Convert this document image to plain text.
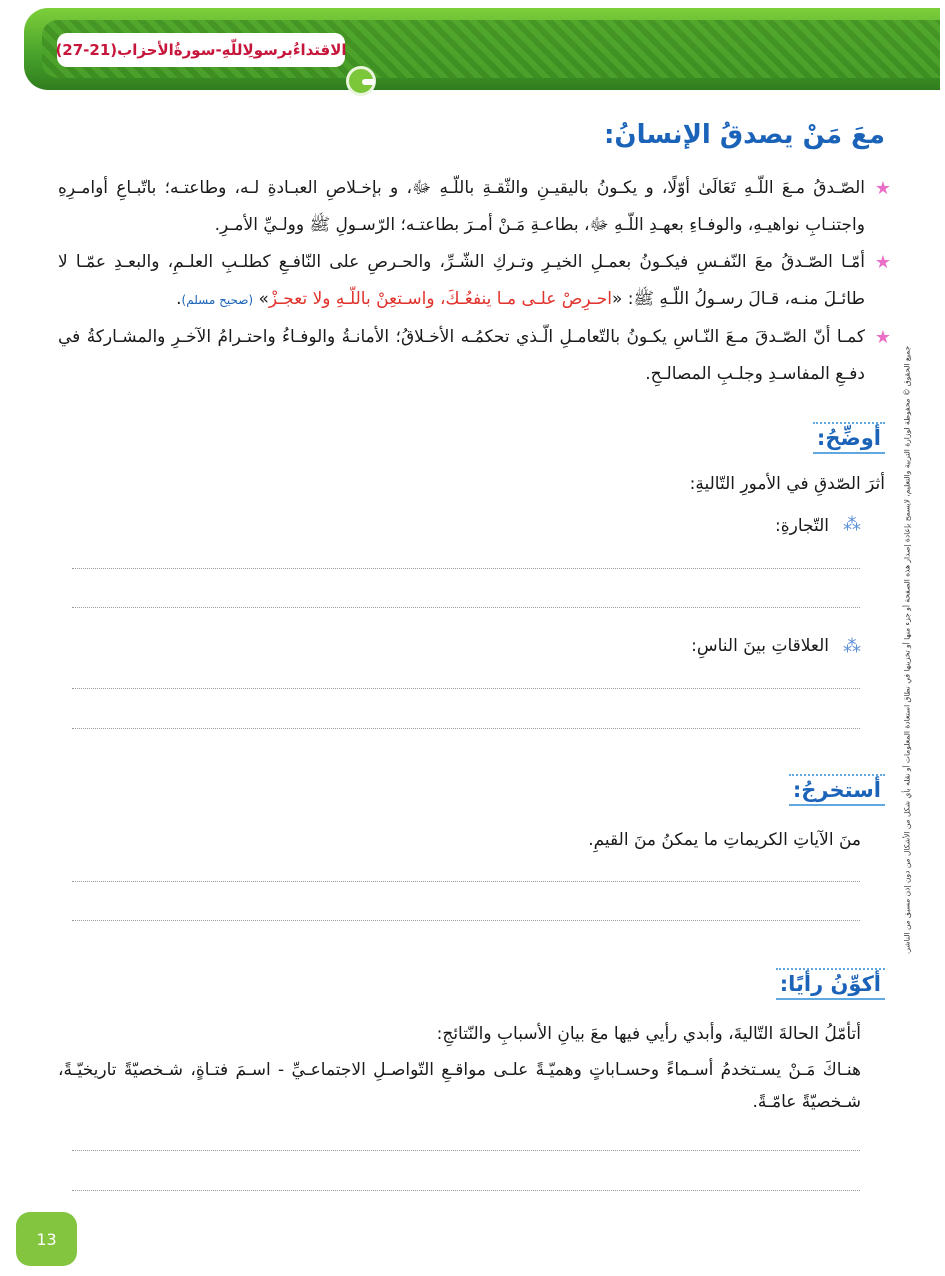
الاقتداءُبرسولِاللّهِ-سورةُالأحزاب(21-27)
معَ مَنْ يصدقُ الإنسانُ:

★
الصّـدقُ مـعَ اللّـهِ تَعَالَىٰ أوّلًا، و يكـونُ باليقيـنِ والثّقـةِ باللّـهِ ﷻ، و بإخـلاصِ العبـادةِ لـه، وطاعتـه؛ باتّبـاعِ أوامـرِهِ واجتنـابِ نواهيـهِ، والوفـاءِ بعهـدِ اللّـهِ ﷻ، بطاعـةِ مَـنْ أمـرَ بطاعتـه؛ الرّسـولِ ﷺ وولـيِّ الأمـرِ.

★
أمّـا الصّـدقُ معَ النّفـسِ فيكـونُ بعمـلِ الخيـرِ وتـركِ الشّـرِّ، والحـرصِ على النّافـعِ كطلـبِ العلـمِ، والبعـدِ عمّـا لا طائـلَ منـه، قـالَ رسـولُ اللّـهِ ﷺ: «احـرِصْ علـى مـا ينفعُـكَ، واسـتعِنْ باللّـهِ ولا تعجـزْ» (صحيح مسلم).

★
كمـا أنّ الصّـدقَ مـعَ النّـاسِ يكـونُ بالتّعامـلِ الّـذي تحكمُـه الأخـلاقُ؛ الأمانـةُ والوفـاءُ واحتـرامُ الآخـرِ والمشـاركةُ في دفـعِ المفاسـدِ وجلـبِ المصالـحِ.

أوضِّحُ:
أثرَ الصّدقِ في الأمورِ التّاليةِ:
⁂
التّجارةِ:
⁂
العلاقاتِ بينَ الناسِ:
أستخرجُ:
منَ الآياتِ الكريماتِ ما يمكنُ منَ القيمِ.
أكوِّنُ رأيًا:
أتأمّلُ الحالةَ التّاليةَ، وأبدي رأيي فيها معَ بيانِ الأسبابِ والنّتائجِ:
هنـاكَ مَـنْ يسـتخدمُ أسـماءً وحسـاباتٍ وهميّـةً علـى مواقـعِ التّواصـلِ الاجتماعـيِّ - اسـمَ فتـاةٍ، شـخصيّةً تاريخيّـةً، شـخصيّةً عامّـةً.
جميع الحقوق © محفوظة لوزارة التربية والتعليم، لايسمح بإعادة إصدار هذه الصفحة أو جزء منها أو تخزينها في نطاق استعادة المعلومات أو نقله بأي شكل من الأشكال من دون إذن مسبق من الناشر.
13
